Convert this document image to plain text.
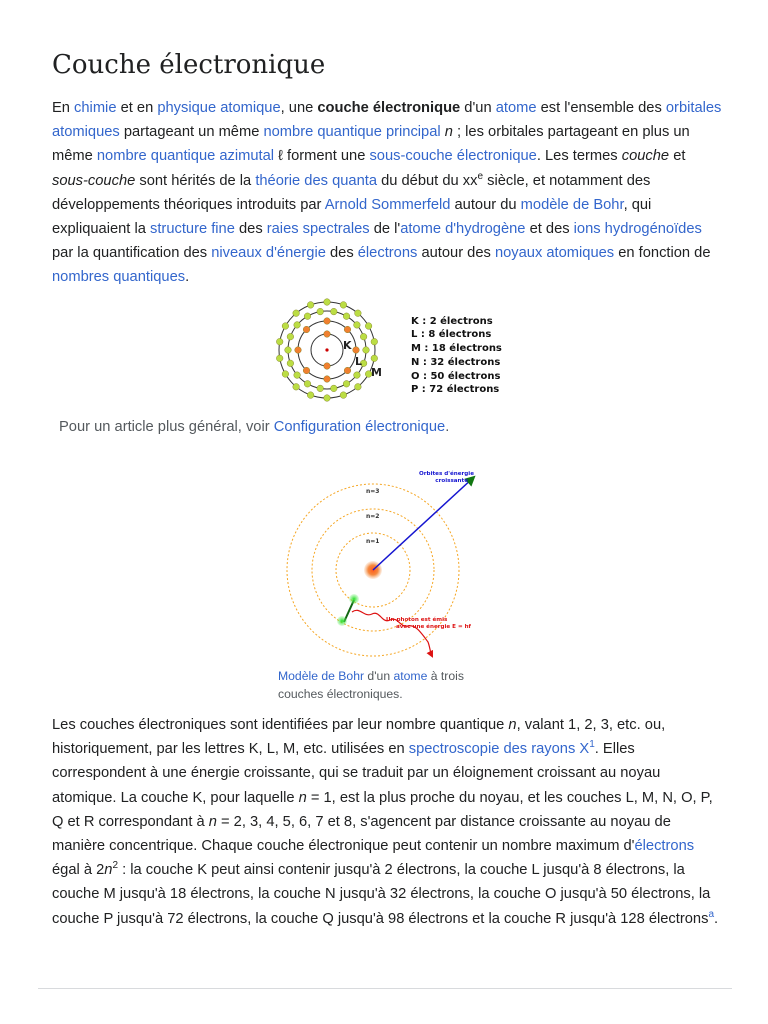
Couche électronique

En chimie et en physique atomique, une couche électronique d'un atome est l'ensemble des orbitales atomiques partageant un même nombre quantique principal n ; les orbitales partageant en plus un même nombre quantique azimutal ℓ forment une sous-couche électronique. Les termes couche et sous-couche sont hérités de la théorie des quanta du début du $xx^e$ siècle, et notamment des développements théoriques introduits par Arnold Sommerfeld autour du modèle de Bohr, qui expliquaient la structure fine des raies spectrales de l'atome d'hydrogène et des ions hydrogénoïdes par la quantification des niveaux d'énergie des électrons autour des noyaux atomiques en fonction de nombres quantiques.

K
L
M
K : 2 électrons
L : 8 électrons
M : 18 électrons
N : 32 électrons
O : 50 électrons
P : 72 électrons

Pour un article plus général, voir Configuration électronique.

n=3
n=2
n=1
Orbites d'énergie
croissante
Un photon est émis
avec une énergie E = hf

Modèle de Bohr d'un atome à trois couches électroniques.

Les couches électroniques sont identifiées par leur nombre quantique n, valant 1, 2, 3, etc. ou, historiquement, par les lettres K, L, M, etc. utilisées en spectroscopie des rayons $X^1$. Elles correspondent à une énergie croissante, qui se traduit par un éloignement croissant au noyau atomique. La couche K, pour laquelle n = 1, est la plus proche du noyau, et les couches L, M, N, O, P, Q et R correspondant à n = 2, 3, 4, 5, 6, 7 et 8, s'agencent par distance croissante au noyau de manière concentrique. Chaque couche électronique peut contenir un nombre maximum d'électrons égal à $2n^2$ : la couche K peut ainsi contenir jusqu'à 2 électrons, la couche L jusqu'à 8 électrons, la couche M jusqu'à 18 électrons, la couche N jusqu'à 32 électrons, la couche O jusqu'à 50 électrons, la couche P jusqu'à 72 électrons, la couche Q jusqu'à 98 électrons et la couche R jusqu'à 128 électrons$^a$.
